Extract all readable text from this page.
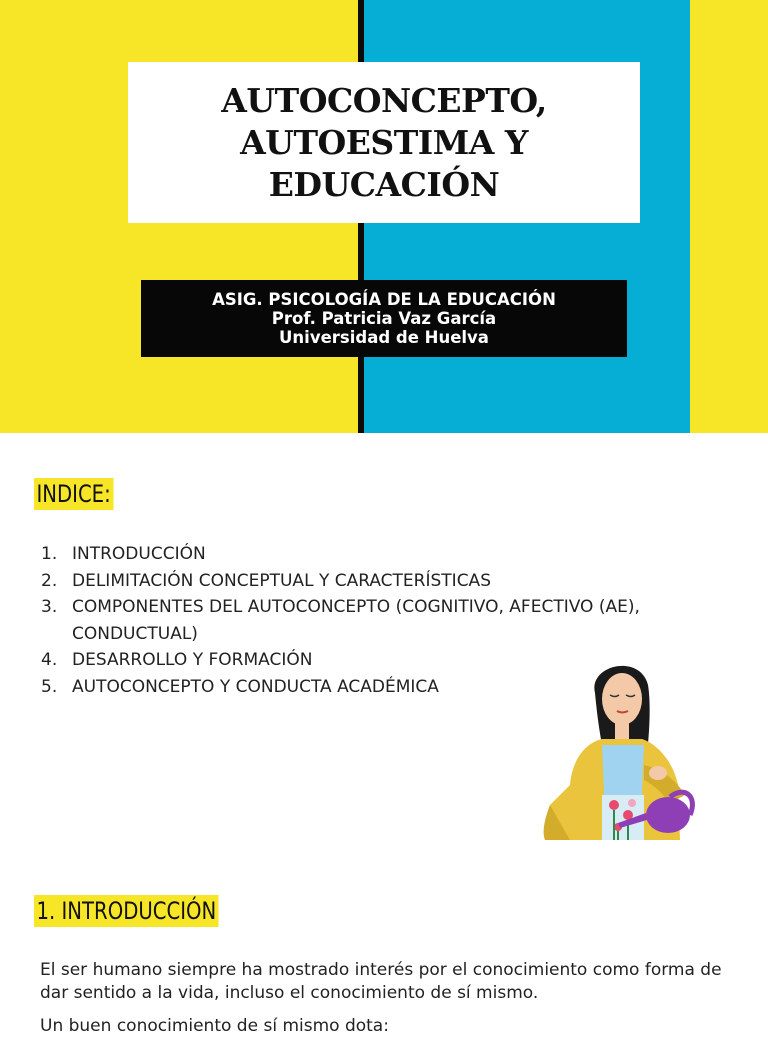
AUTOCONCEPTO,
AUTOESTIMA Y EDUCACIÓN
ASIG. PSICOLOGÍA DE LA EDUCACIÓN
Prof. Patricia Vaz García
Universidad de Huelva
INDICE:
1. INTRODUCCIÓN
2. DELIMITACIÓN CONCEPTUAL Y CARACTERÍSTICAS
3. COMPONENTES DEL AUTOCONCEPTO (COGNITIVO, AFECTIVO (AE), CONDUCTUAL)
4. DESARROLLO Y FORMACIÓN
5. AUTOCONCEPTO Y CONDUCTA ACADÉMICA
1. INTRODUCCIÓN

El ser humano siempre ha mostrado interés por el conocimiento como forma de dar sentido a la vida, incluso el conocimiento de sí mismo.

Un buen conocimiento de sí mismo dota:
